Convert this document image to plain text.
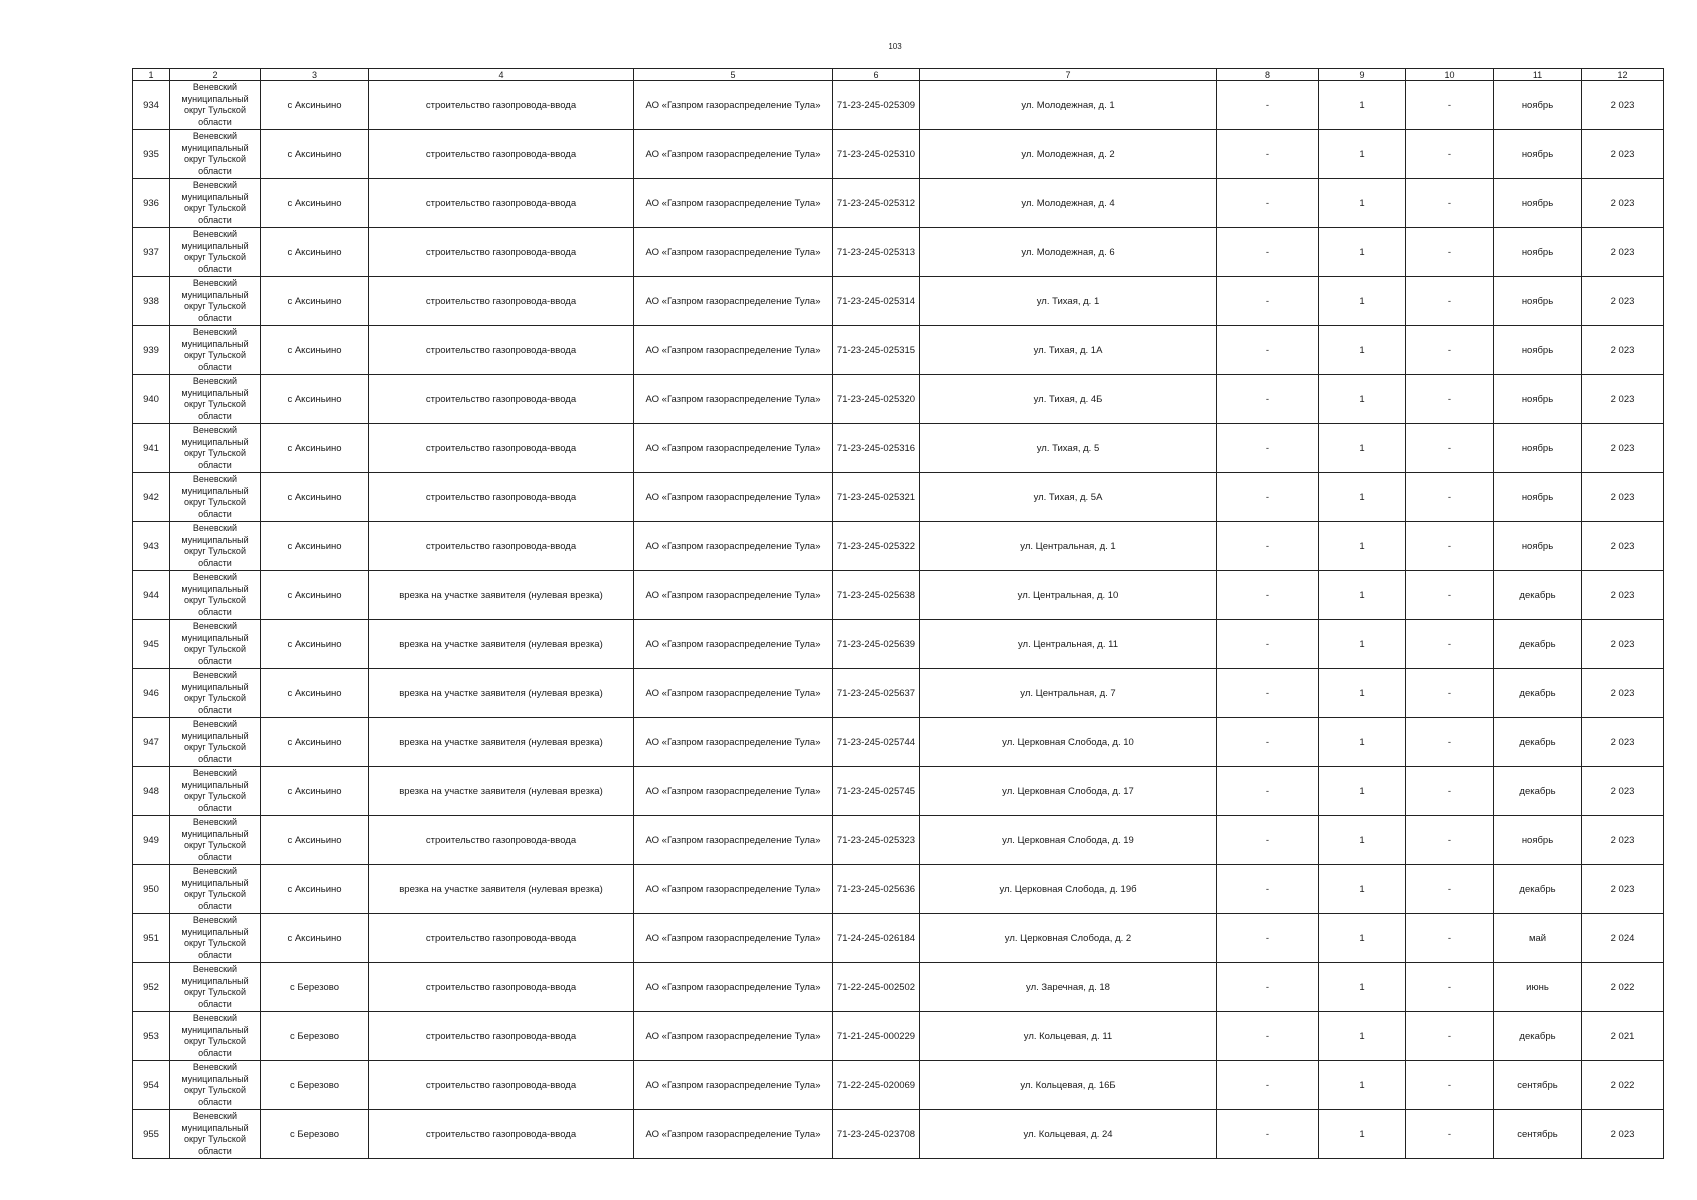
103
1	2	3	4	5	6	7	8	9	10	11	12
934	Веневский муниципальный округ Тульской области	с Аксиньино	строительство газопровода-ввода	АО «Газпром газораспределение Тула»	71-23-245-025309	ул. Молодежная, д. 1	-	1	-	ноябрь	2 023
935	Веневский муниципальный округ Тульской области	с Аксиньино	строительство газопровода-ввода	АО «Газпром газораспределение Тула»	71-23-245-025310	ул. Молодежная, д. 2	-	1	-	ноябрь	2 023
936	Веневский муниципальный округ Тульской области	с Аксиньино	строительство газопровода-ввода	АО «Газпром газораспределение Тула»	71-23-245-025312	ул. Молодежная, д. 4	-	1	-	ноябрь	2 023
937	Веневский муниципальный округ Тульской области	с Аксиньино	строительство газопровода-ввода	АО «Газпром газораспределение Тула»	71-23-245-025313	ул. Молодежная, д. 6	-	1	-	ноябрь	2 023
938	Веневский муниципальный округ Тульской области	с Аксиньино	строительство газопровода-ввода	АО «Газпром газораспределение Тула»	71-23-245-025314	ул. Тихая, д. 1	-	1	-	ноябрь	2 023
939	Веневский муниципальный округ Тульской области	с Аксиньино	строительство газопровода-ввода	АО «Газпром газораспределение Тула»	71-23-245-025315	ул. Тихая, д. 1А	-	1	-	ноябрь	2 023
940	Веневский муниципальный округ Тульской области	с Аксиньино	строительство газопровода-ввода	АО «Газпром газораспределение Тула»	71-23-245-025320	ул. Тихая, д. 4Б	-	1	-	ноябрь	2 023
941	Веневский муниципальный округ Тульской области	с Аксиньино	строительство газопровода-ввода	АО «Газпром газораспределение Тула»	71-23-245-025316	ул. Тихая, д. 5	-	1	-	ноябрь	2 023
942	Веневский муниципальный округ Тульской области	с Аксиньино	строительство газопровода-ввода	АО «Газпром газораспределение Тула»	71-23-245-025321	ул. Тихая, д. 5А	-	1	-	ноябрь	2 023
943	Веневский муниципальный округ Тульской области	с Аксиньино	строительство газопровода-ввода	АО «Газпром газораспределение Тула»	71-23-245-025322	ул. Центральная, д. 1	-	1	-	ноябрь	2 023
944	Веневский муниципальный округ Тульской области	с Аксиньино	врезка на участке заявителя (нулевая врезка)	АО «Газпром газораспределение Тула»	71-23-245-025638	ул. Центральная, д. 10	-	1	-	декабрь	2 023
945	Веневский муниципальный округ Тульской области	с Аксиньино	врезка на участке заявителя (нулевая врезка)	АО «Газпром газораспределение Тула»	71-23-245-025639	ул. Центральная, д. 11	-	1	-	декабрь	2 023
946	Веневский муниципальный округ Тульской области	с Аксиньино	врезка на участке заявителя (нулевая врезка)	АО «Газпром газораспределение Тула»	71-23-245-025637	ул. Центральная, д. 7	-	1	-	декабрь	2 023
947	Веневский муниципальный округ Тульской области	с Аксиньино	врезка на участке заявителя (нулевая врезка)	АО «Газпром газораспределение Тула»	71-23-245-025744	ул. Церковная Слобода, д. 10	-	1	-	декабрь	2 023
948	Веневский муниципальный округ Тульской области	с Аксиньино	врезка на участке заявителя (нулевая врезка)	АО «Газпром газораспределение Тула»	71-23-245-025745	ул. Церковная Слобода, д. 17	-	1	-	декабрь	2 023
949	Веневский муниципальный округ Тульской области	с Аксиньино	строительство газопровода-ввода	АО «Газпром газораспределение Тула»	71-23-245-025323	ул. Церковная Слобода, д. 19	-	1	-	ноябрь	2 023
950	Веневский муниципальный округ Тульской области	с Аксиньино	врезка на участке заявителя (нулевая врезка)	АО «Газпром газораспределение Тула»	71-23-245-025636	ул. Церковная Слобода, д. 19б	-	1	-	декабрь	2 023
951	Веневский муниципальный округ Тульской области	с Аксиньино	строительство газопровода-ввода	АО «Газпром газораспределение Тула»	71-24-245-026184	ул. Церковная Слобода, д. 2	-	1	-	май	2 024
952	Веневский муниципальный округ Тульской области	с Березово	строительство газопровода-ввода	АО «Газпром газораспределение Тула»	71-22-245-002502	ул. Заречная, д. 18	-	1	-	июнь	2 022
953	Веневский муниципальный округ Тульской области	с Березово	строительство газопровода-ввода	АО «Газпром газораспределение Тула»	71-21-245-000229	ул. Кольцевая, д. 11	-	1	-	декабрь	2 021
954	Веневский муниципальный округ Тульской области	с Березово	строительство газопровода-ввода	АО «Газпром газораспределение Тула»	71-22-245-020069	ул. Кольцевая, д. 16Б	-	1	-	сентябрь	2 022
955	Веневский муниципальный округ Тульской области	с Березово	строительство газопровода-ввода	АО «Газпром газораспределение Тула»	71-23-245-023708	ул. Кольцевая, д. 24	-	1	-	сентябрь	2 023
